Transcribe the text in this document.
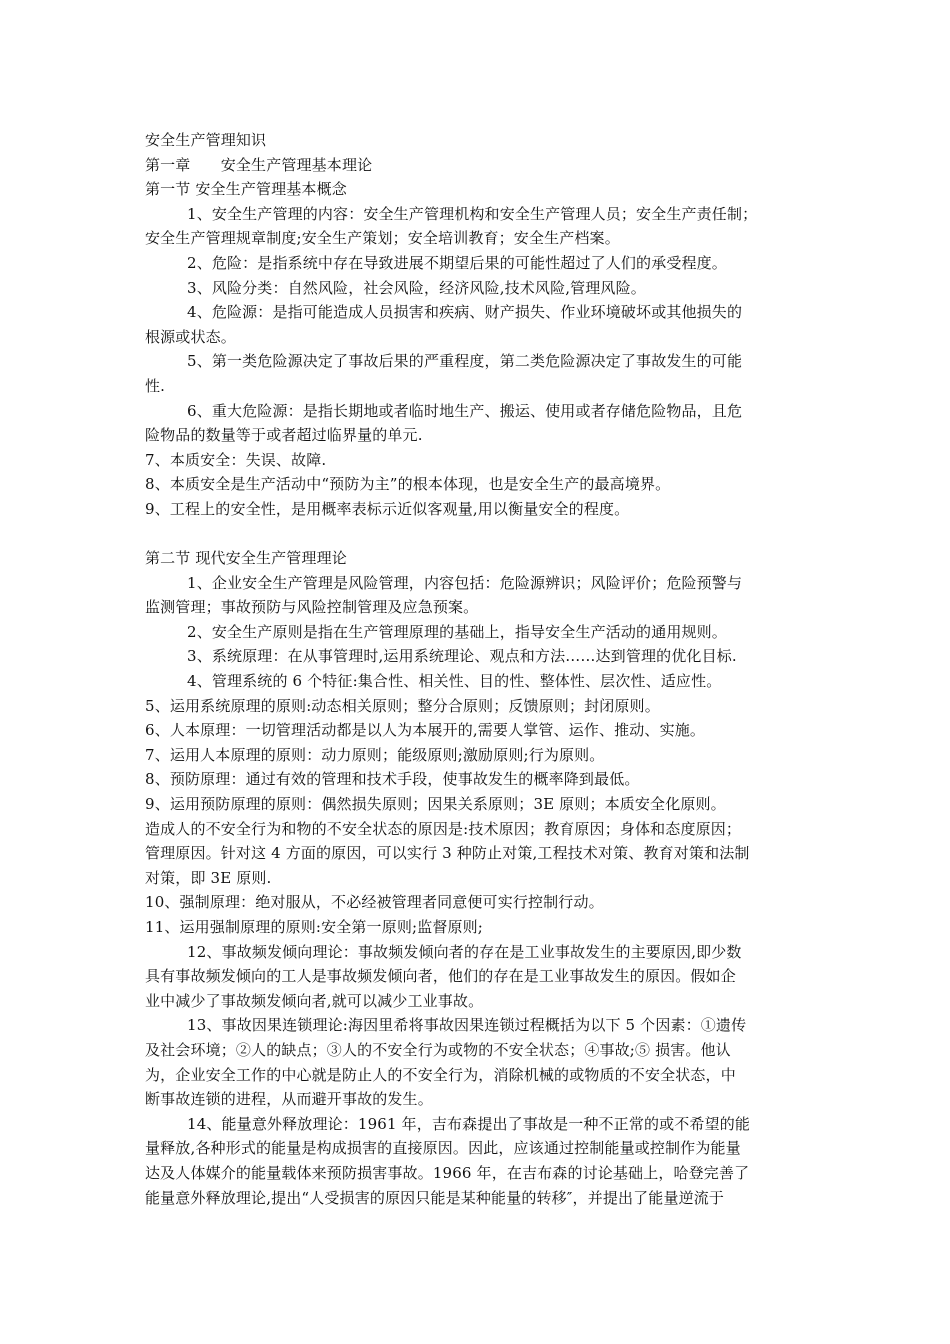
安全生产管理知识
第一章　　安全生产管理基本理论
第一节 安全生产管理基本概念
1、安全生产管理的内容：安全生产管理机构和安全生产管理人员；安全生产责任制；
安全生产管理规章制度;安全生产策划；安全培训教育；安全生产档案。
2、危险：是指系统中存在导致进展不期望后果的可能性超过了人们的承受程度。
3、风险分类：自然风险，社会风险，经济风险,技术风险,管理风险。
4、危险源：是指可能造成人员损害和疾病、财产损失、作业环境破坏或其他损失的
根源或状态。
5、第一类危险源决定了事故后果的严重程度，第二类危险源决定了事故发生的可能
性.
6、重大危险源：是指长期地或者临时地生产、搬运、使用或者存储危险物品，且危
险物品的数量等于或者超过临界量的单元.
7、本质安全：失误、故障.
8、本质安全是生产活动中“预防为主”的根本体现，也是安全生产的最高境界。
9、工程上的安全性，是用概率表标示近似客观量,用以衡量安全的程度。
第二节 现代安全生产管理理论
1、企业安全生产管理是风险管理，内容包括：危险源辨识；风险评价；危险预警与
监测管理；事故预防与风险控制管理及应急预案。
2、安全生产原则是指在生产管理原理的基础上，指导安全生产活动的通用规则。
3、系统原理：在从事管理时,运用系统理论、观点和方法……达到管理的优化目标.
4、管理系统的 6 个特征:集合性、相关性、目的性、整体性、层次性、适应性。
5、运用系统原理的原则:动态相关原则；整分合原则；反馈原则；封闭原则。
6、人本原理：一切管理活动都是以人为本展开的,需要人掌管、运作、推动、实施。
7、运用人本原理的原则：动力原则；能级原则;激励原则;行为原则。
8、预防原理：通过有效的管理和技术手段，使事故发生的概率降到最低。
9、运用预防原理的原则：偶然损失原则；因果关系原则；3E 原则；本质安全化原则。
造成人的不安全行为和物的不安全状态的原因是:技术原因；教育原因；身体和态度原因；
管理原因。针对这 4 方面的原因，可以实行 3 种防止对策,工程技术对策、教育对策和法制
对策，即 3E 原则.
10、强制原理：绝对服从，不必经被管理者同意便可实行控制行动。
11、运用强制原理的原则:安全第一原则;监督原则;
12、事故频发倾向理论：事故频发倾向者的存在是工业事故发生的主要原因,即少数
具有事故频发倾向的工人是事故频发倾向者，他们的存在是工业事故发生的原因。假如企
业中减少了事故频发倾向者,就可以减少工业事故。
13、事故因果连锁理论:海因里希将事故因果连锁过程概括为以下 5 个因素：①遗传
及社会环境；②人的缺点；③人的不安全行为或物的不安全状态；④事故;⑤ 损害。他认
为，企业安全工作的中心就是防止人的不安全行为，消除机械的或物质的不安全状态，中
断事故连锁的进程，从而避开事故的发生。
14、能量意外释放理论：1961 年，吉布森提出了事故是一种不正常的或不希望的能
量释放,各种形式的能量是构成损害的直接原因。因此，应该通过控制能量或控制作为能量
达及人体媒介的能量载体来预防损害事故。1966 年，在吉布森的讨论基础上，哈登完善了
能量意外释放理论,提出“人受损害的原因只能是某种能量的转移″，并提出了能量逆流于
